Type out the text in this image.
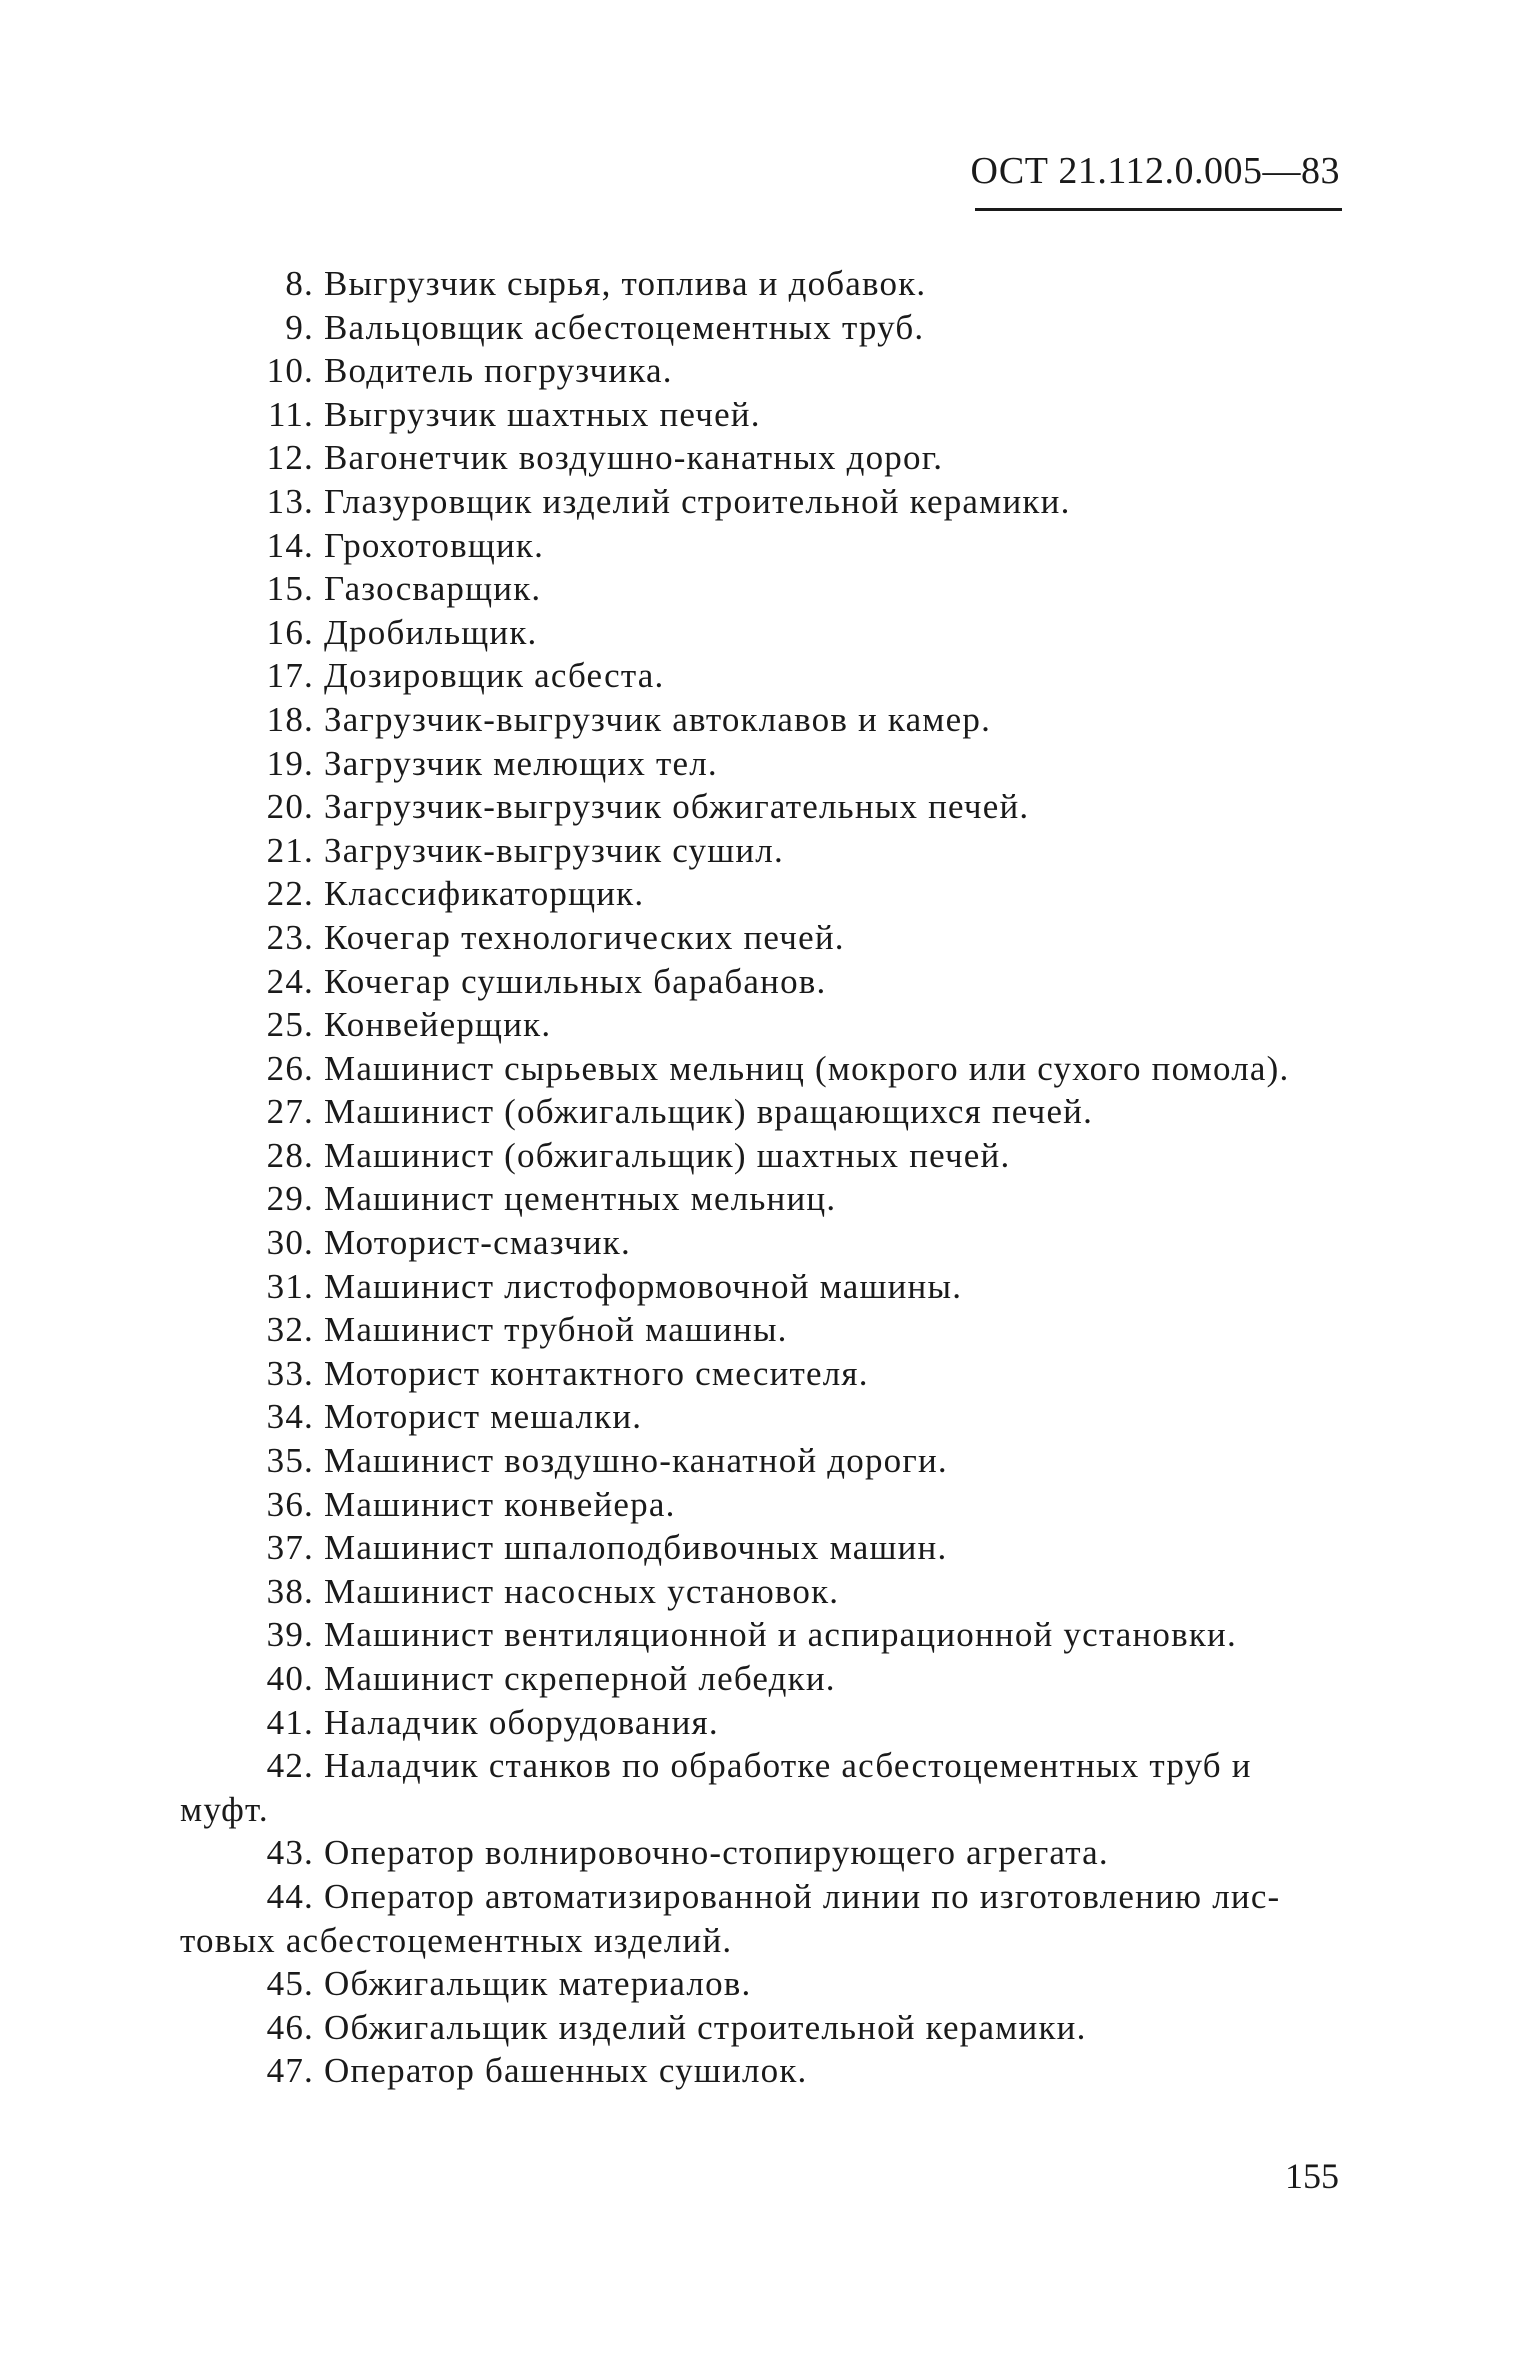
ОСТ 21.112.0.005—83
8. Выгрузчик сырья, топлива и добавок.
9. Вальцовщик асбестоцементных труб.
10. Водитель погрузчика.
11. Выгрузчик шахтных печей.
12. Вагонетчик воздушно-канатных дорог.
13. Глазуровщик изделий строительной керамики.
14. Грохотовщик.
15. Газосварщик.
16. Дробильщик.
17. Дозировщик асбеста.
18. Загрузчик-выгрузчик автоклавов и камер.
19. Загрузчик мелющих тел.
20. Загрузчик-выгрузчик обжигательных печей.
21. Загрузчик-выгрузчик сушил.
22. Классификаторщик.
23. Кочегар технологических печей.
24. Кочегар сушильных барабанов.
25. Конвейерщик.
26. Машинист сырьевых мельниц (мокрого или сухого помола).
27. Машинист (обжигальщик) вращающихся печей.
28. Машинист (обжигальщик) шахтных печей.
29. Машинист цементных мельниц.
30. Моторист-смазчик.
31. Машинист листоформовочной машины.
32. Машинист трубной машины.
33. Моторист контактного смесителя.
34. Моторист мешалки.
35. Машинист воздушно-канатной дороги.
36. Машинист конвейера.
37. Машинист шпалоподбивочных машин.
38. Машинист насосных установок.
39. Машинист вентиляционной и аспирационной установки.
40. Машинист скреперной лебедки.
41. Наладчик оборудования.
42. Наладчик станков по обработке асбестоцементных труб и
муфт.
43. Оператор волнировочно-стопирующего агрегата.
44. Оператор автоматизированной линии по изготовлению лис-
товых асбестоцементных изделий.
45. Обжигальщик материалов.
46. Обжигальщик изделий строительной керамики.
47. Оператор башенных сушилок.
155
